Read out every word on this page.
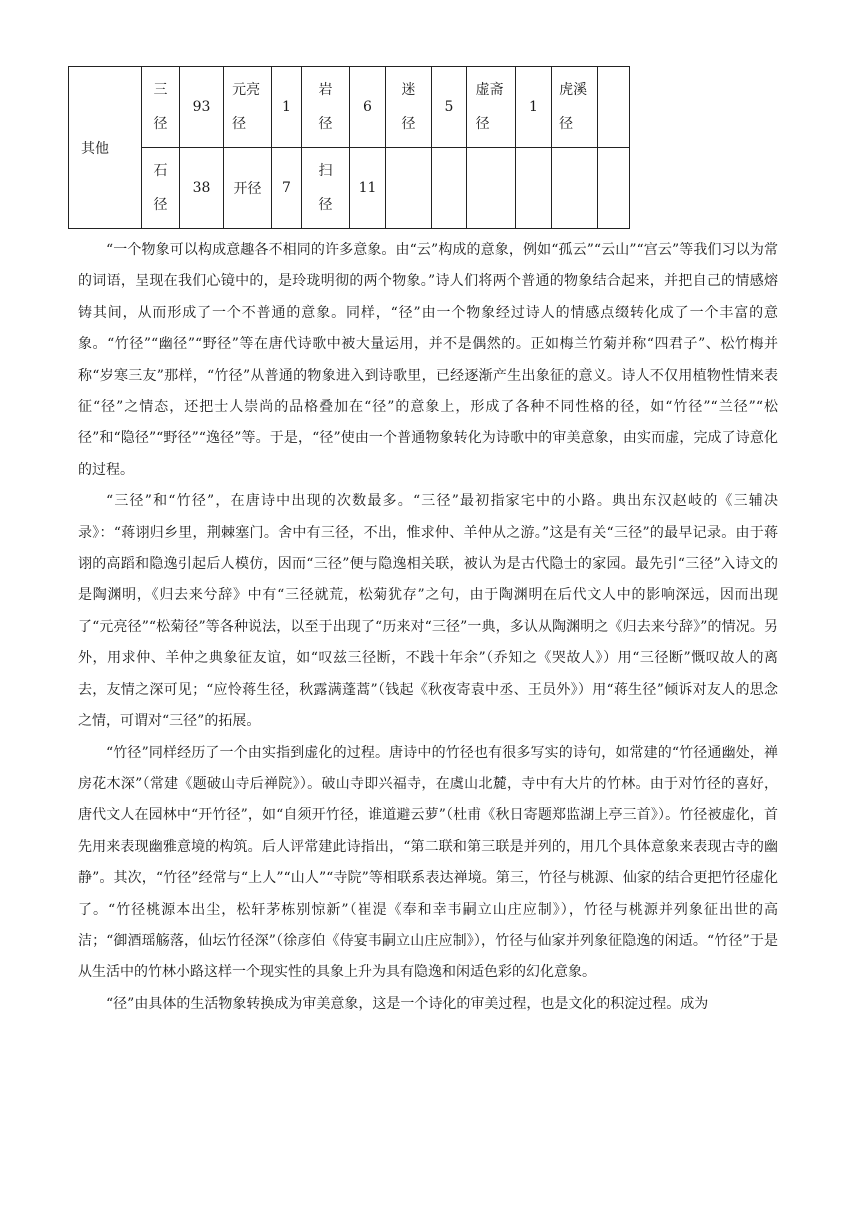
其他	三径	93	元亮径	1	岩径	6	迷径	5	虚斋径	1	虎溪径	
	石径	38	开径	7	扫径	11						

“一个物象可以构成意趣各不相同的许多意象。由“云”构成的意象，例如“孤云”“云山”“宫云”等我们习以为常的词语，呈现在我们心镜中的，是玲珑明彻的两个物象。”诗人们将两个普通的物象结合起来，并把自己的情感熔铸其间，从而形成了一个不普通的意象。同样，“径”由一个物象经过诗人的情感点缀转化成了一个丰富的意象。“竹径”“幽径”“野径”等在唐代诗歌中被大量运用，并不是偶然的。正如梅兰竹菊并称“四君子”、松竹梅并称“岁寒三友”那样，“竹径”从普通的物象进入到诗歌里，已经逐渐产生出象征的意义。诗人不仅用植物性情来表征“径”之情态，还把士人崇尚的品格叠加在“径”的意象上，形成了各种不同性格的径，如“竹径”“兰径”“松径”和“隐径”“野径”“逸径”等。于是，“径”使由一个普通物象转化为诗歌中的审美意象，由实而虚，完成了诗意化的过程。

“三径”和“竹径”，在唐诗中出现的次数最多。“三径”最初指家宅中的小路。典出东汉赵岐的《三辅决录》：“蒋诩归乡里，荆棘塞门。舍中有三径，不出，惟求仲、羊仲从之游。”这是有关“三径”的最早记录。由于蒋诩的高蹈和隐逸引起后人模仿，因而“三径”便与隐逸相关联，被认为是古代隐士的家园。最先引“三径”入诗文的是陶渊明，《归去来兮辞》中有“三径就荒，松菊犹存”之句，由于陶渊明在后代文人中的影响深远，因而出现了“元亮径”“松菊径”等各种说法，以至于出现了“历来对“三径”一典，多认从陶渊明之《归去来兮辞》”的情况。另外，用求仲、羊仲之典象征友谊，如“叹兹三径断，不践十年余”（乔知之《哭故人》）用“三径断”慨叹故人的离去，友情之深可见；“应怜蒋生径，秋露满蓬蒿”（钱起《秋夜寄袁中丞、王员外》）用“蒋生径”倾诉对友人的思念之情，可谓对“三径”的拓展。

“竹径”同样经历了一个由实指到虚化的过程。唐诗中的竹径也有很多写实的诗句，如常建的“竹径通幽处，禅房花木深”（常建《题破山寺后禅院》）。破山寺即兴福寺，在虞山北麓，寺中有大片的竹林。由于对竹径的喜好，唐代文人在园林中“开竹径”，如“自须开竹径，谁道避云萝”（杜甫《秋日寄题郑监湖上亭三首》）。竹径被虚化，首先用来表现幽雅意境的构筑。后人评常建此诗指出，“第二联和第三联是并列的，用几个具体意象来表现古寺的幽静”。其次，“竹径”经常与“上人”“山人”“寺院”等相联系表达禅境。第三，竹径与桃源、仙家的结合更把竹径虚化了。“竹径桃源本出尘，松轩茅栋别惊新”（崔湜《奉和幸韦嗣立山庄应制》），竹径与桃源并列象征出世的高洁；“御酒瑶觞落，仙坛竹径深”（徐彦伯《侍宴韦嗣立山庄应制》），竹径与仙家并列象征隐逸的闲适。“竹径”于是从生活中的竹林小路这样一个现实性的具象上升为具有隐逸和闲适色彩的幻化意象。

“径”由具体的生活物象转换成为审美意象，这是一个诗化的审美过程，也是文化的积淀过程。成为
